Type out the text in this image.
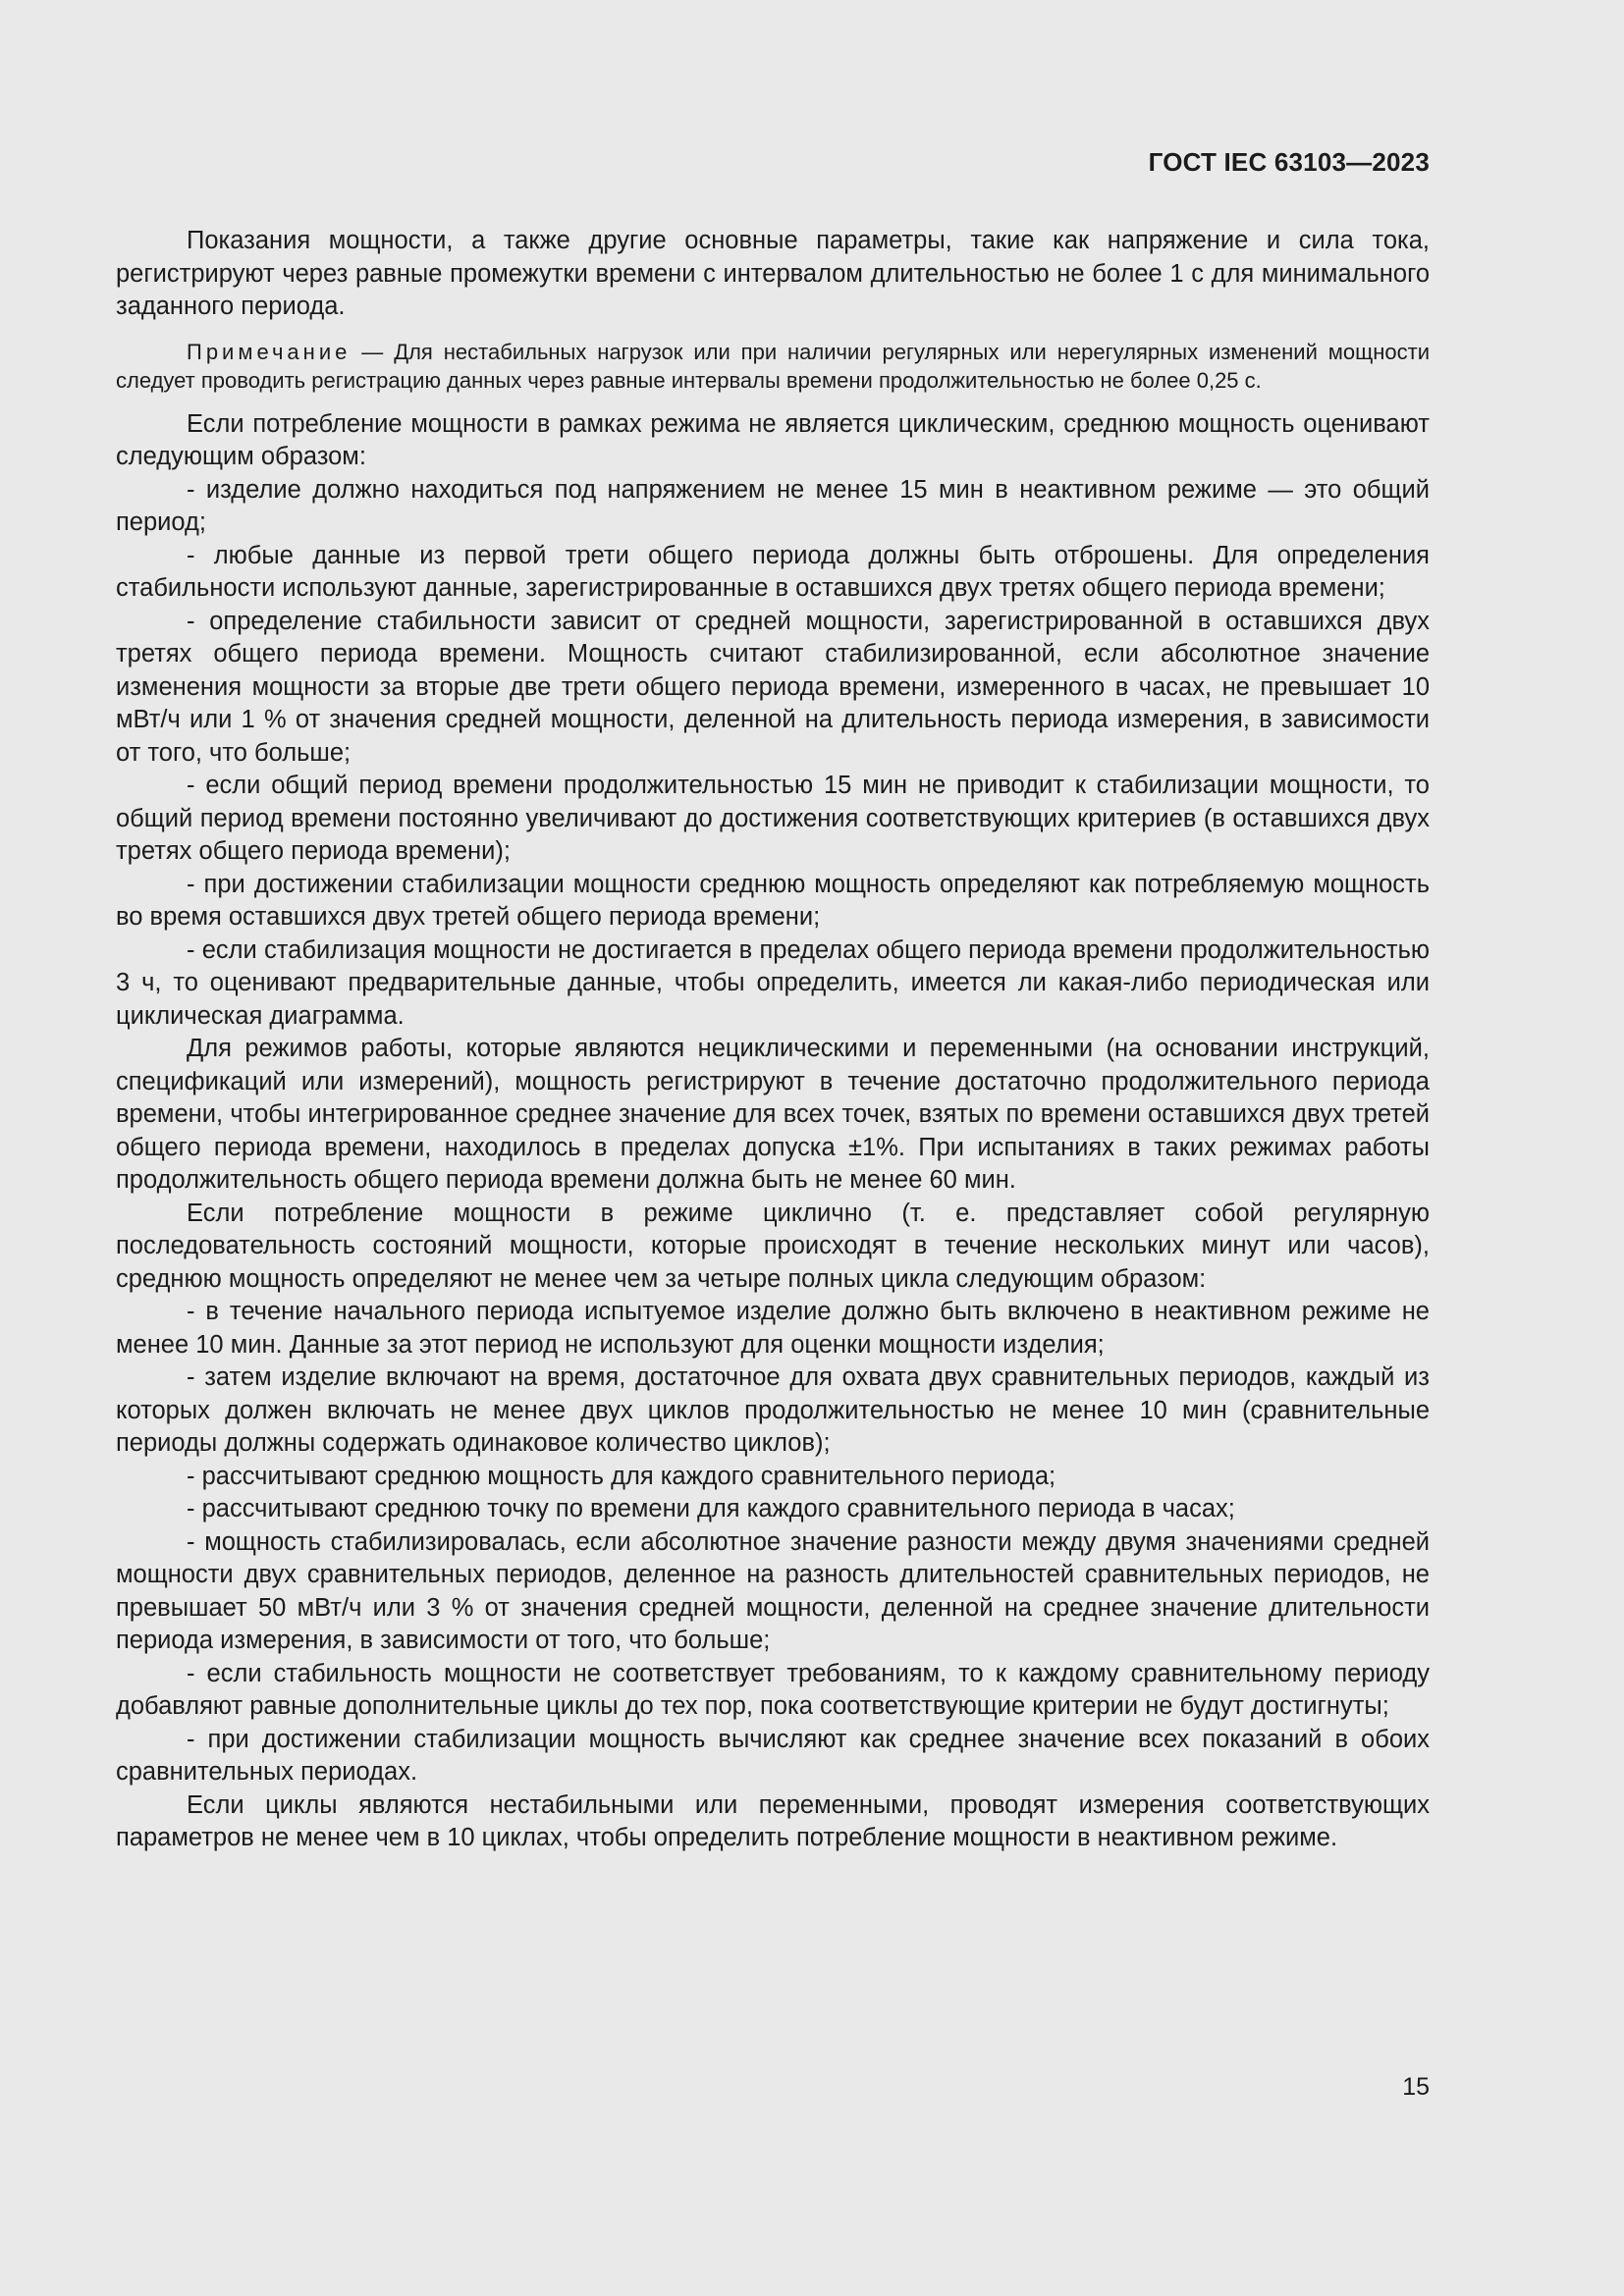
ГОСТ IEC 63103—2023

Показания мощности, а также другие основные параметры, такие как напряжение и сила тока, регистрируют через равные промежутки времени с интервалом длительностью не более 1 с для минимального заданного периода.

Примечание — Для нестабильных нагрузок или при наличии регулярных или нерегулярных изменений мощности следует проводить регистрацию данных через равные интервалы времени продолжительностью не более 0,25 с.

Если потребление мощности в рамках режима не является циклическим, среднюю мощность оценивают следующим образом:

- изделие должно находиться под напряжением не менее 15 мин в неактивном режиме — это общий период;

- любые данные из первой трети общего периода должны быть отброшены. Для определения стабильности используют данные, зарегистрированные в оставшихся двух третях общего периода времени;

- определение стабильности зависит от средней мощности, зарегистрированной в оставшихся двух третях общего периода времени. Мощность считают стабилизированной, если абсолютное значение изменения мощности за вторые две трети общего периода времени, измеренного в часах, не превышает 10 мВт/ч или 1 % от значения средней мощности, деленной на длительность периода измерения, в зависимости от того, что больше;

- если общий период времени продолжительностью 15 мин не приводит к стабилизации мощности, то общий период времени постоянно увеличивают до достижения соответствующих критериев (в оставшихся двух третях общего периода времени);

- при достижении стабилизации мощности среднюю мощность определяют как потребляемую мощность во время оставшихся двух третей общего периода времени;

- если стабилизация мощности не достигается в пределах общего периода времени продолжительностью 3 ч, то оценивают предварительные данные, чтобы определить, имеется ли какая-либо периодическая или циклическая диаграмма.

Для режимов работы, которые являются нециклическими и переменными (на основании инструкций, спецификаций или измерений), мощность регистрируют в течение достаточно продолжительного периода времени, чтобы интегрированное среднее значение для всех точек, взятых по времени оставшихся двух третей общего периода времени, находилось в пределах допуска ±1%. При испытаниях в таких режимах работы продолжительность общего периода времени должна быть не менее 60 мин.

Если потребление мощности в режиме циклично (т. е. представляет собой регулярную последовательность состояний мощности, которые происходят в течение нескольких минут или часов), среднюю мощность определяют не менее чем за четыре полных цикла следующим образом:

- в течение начального периода испытуемое изделие должно быть включено в неактивном режиме не менее 10 мин. Данные за этот период не используют для оценки мощности изделия;

- затем изделие включают на время, достаточное для охвата двух сравнительных периодов, каждый из которых должен включать не менее двух циклов продолжительностью не менее 10 мин (сравнительные периоды должны содержать одинаковое количество циклов);

- рассчитывают среднюю мощность для каждого сравнительного периода;

- рассчитывают среднюю точку по времени для каждого сравнительного периода в часах;

- мощность стабилизировалась, если абсолютное значение разности между двумя значениями средней мощности двух сравнительных периодов, деленное на разность длительностей сравнительных периодов, не превышает 50 мВт/ч или 3 % от значения средней мощности, деленной на среднее значение длительности периода измерения, в зависимости от того, что больше;

- если стабильность мощности не соответствует требованиям, то к каждому сравнительному периоду добавляют равные дополнительные циклы до тех пор, пока соответствующие критерии не будут достигнуты;

- при достижении стабилизации мощность вычисляют как среднее значение всех показаний в обоих сравнительных периодах.

Если циклы являются нестабильными или переменными, проводят измерения соответствующих параметров не менее чем в 10 циклах, чтобы определить потребление мощности в неактивном режиме.

15
